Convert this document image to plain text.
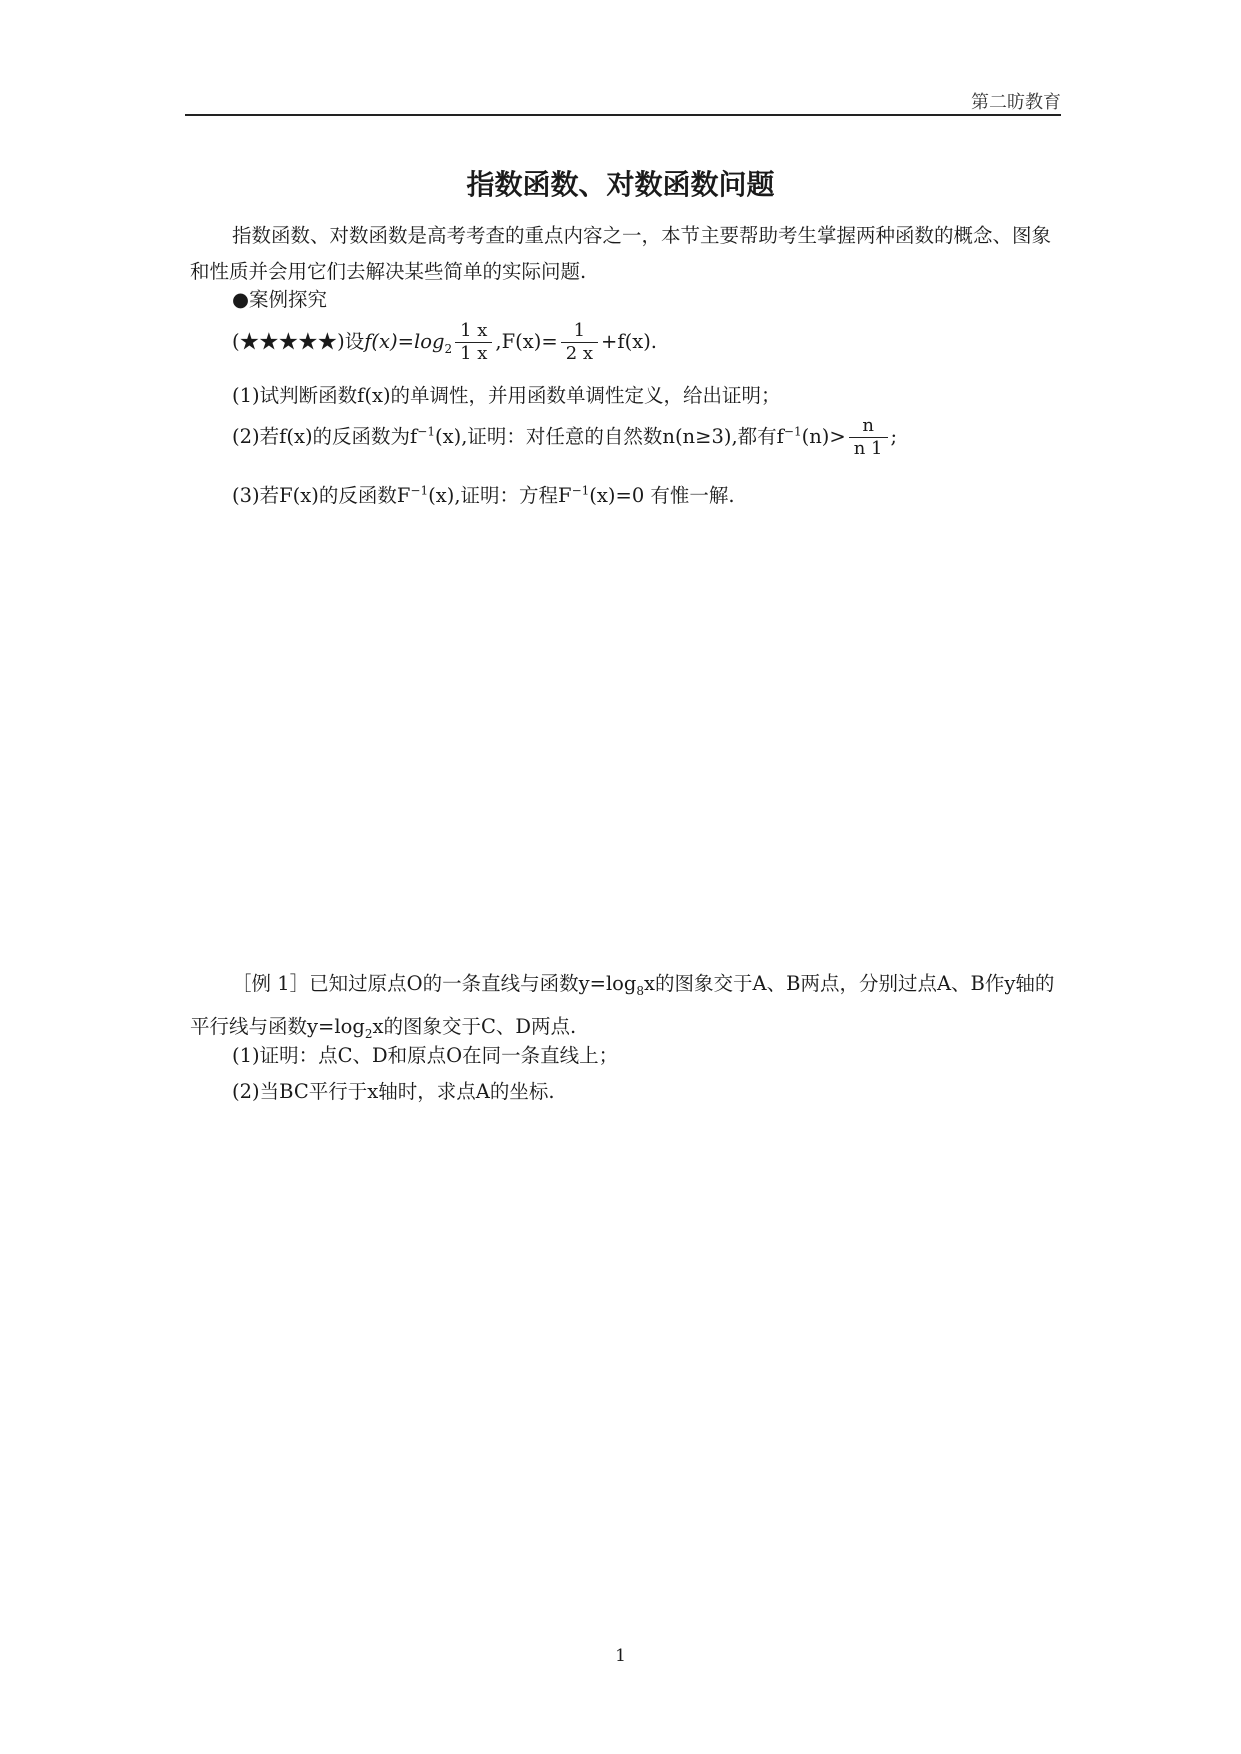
第二昉教育
指数函数、对数函数问题
指数函数、对数函数是高考考查的重点内容之一，本节主要帮助考生掌握两种函数的概念、图象和性质并会用它们去解决某些简单的实际问题.
●案例探究
(★★★★★)设$f(x)=\log_2 \frac{1 x}{1 x} ,F(x)= \frac{1}{2 x} +f(x)$.
(1)试判断函数f(x)的单调性，并用函数单调性定义，给出证明；
(2)若f(x)的反函数为$f^{-1}(x)$,证明：对任意的自然数n(n≥3),都有$f^{-1}(n)> \frac{n}{n 1}$ ;
(3)若F(x)的反函数$F^{-1}(x)$,证明：方程$F^{-1}(x)=0$ 有惟一解.
［例 1］已知过原点O的一条直线与函数$y=\log_8x$的图象交于A、B两点，分别过点A、B作y轴的平行线与函数$y=\log_2x$的图象交于C、D两点.
(1)证明：点C、D和原点O在同一条直线上；
(2)当BC平行于x轴时，求点A的坐标.
1
